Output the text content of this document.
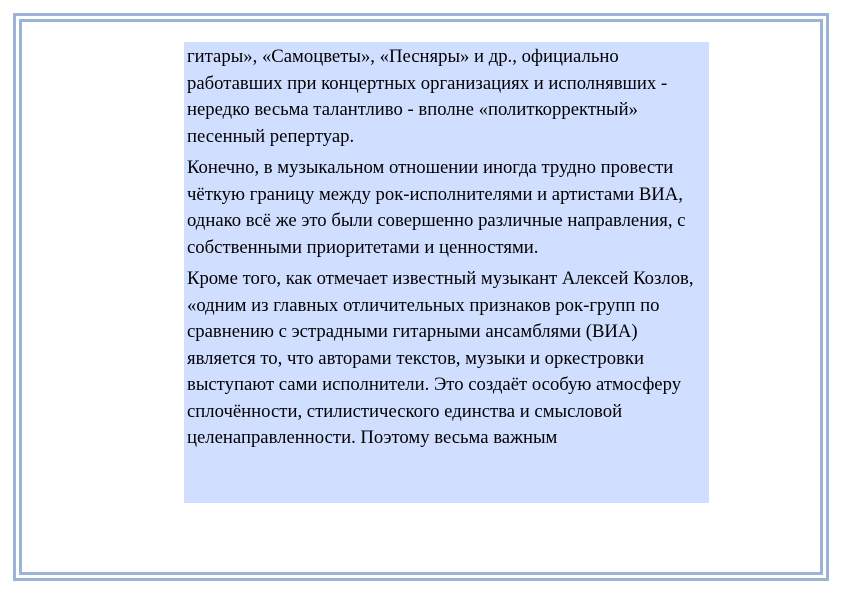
гитары», «Самоцветы», «Песняры» и др., официально работавших при концертных организациях и исполнявших - нередко весьма талантливо - вполне «политкорректный» песенный репертуар.

Конечно, в музыкальном отношении иногда трудно провести чёткую границу между рок-исполнителями и артистами ВИА, однако всё же это были совершенно различные направления, с собственными приоритетами и ценностями.

Кроме того, как отмечает известный музыкант Алексей Козлов, «одним из главных отличительных признаков рок-групп по сравнению с эстрадными гитарными ансамблями (ВИА) является то, что авторами текстов, музыки и оркестровки выступают сами исполнители. Это создаёт особую атмосферу сплочённости, стилистического единства и смысловой целенаправленности. Поэтому весьма важным
